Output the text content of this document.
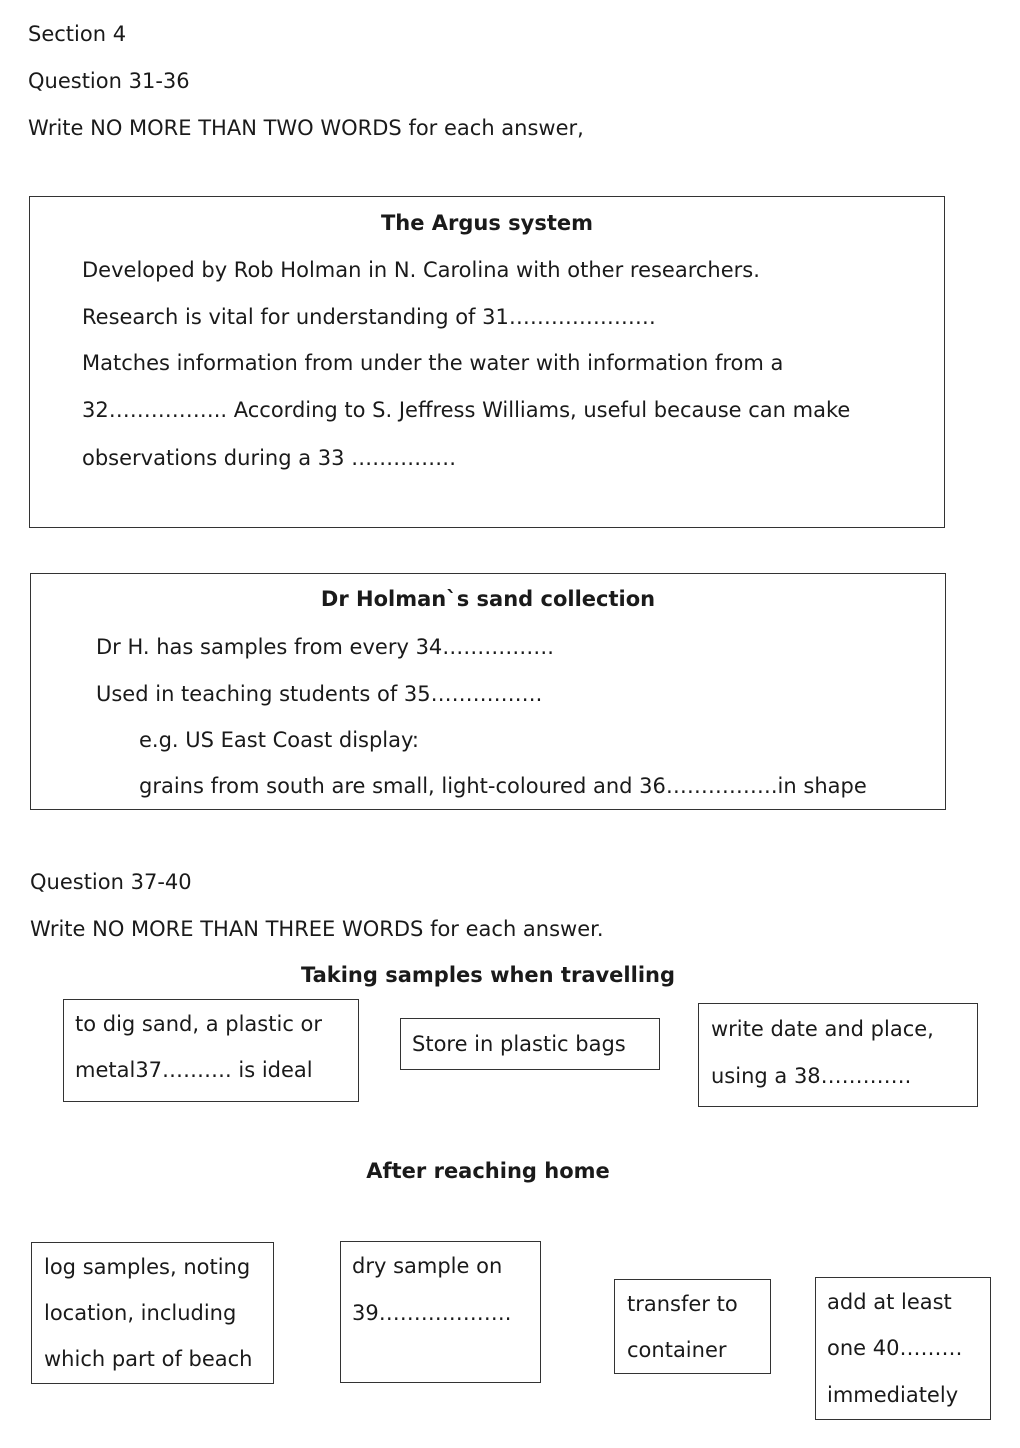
Section 4
Question 31-36
Write NO MORE THAN TWO WORDS for each answer,
The Argus system
Developed by Rob Holman in N. Carolina with other researchers.
Research is vital for understanding of 31…………………
Matches information from under the water with information from a
32…………….. According to S. Jeffress Williams, useful because can make
observations during a 33 ……………
Dr Holman`s sand collection
Dr H. has samples from every 34…………….
Used in teaching students of 35…………….
e.g. US East Coast display:
grains from south are small, light-coloured and 36…………….in shape
Question 37-40
Write NO MORE THAN THREE WORDS for each answer.
Taking samples when travelling
to dig sand, a plastic or
metal37………. is ideal
Store in plastic bags
write date and place,
using a 38………….
After reaching home
log samples, noting
location, including
which part of beach
dry sample on
39……………….	transfer to
container
add at least
one 40………
immediately
